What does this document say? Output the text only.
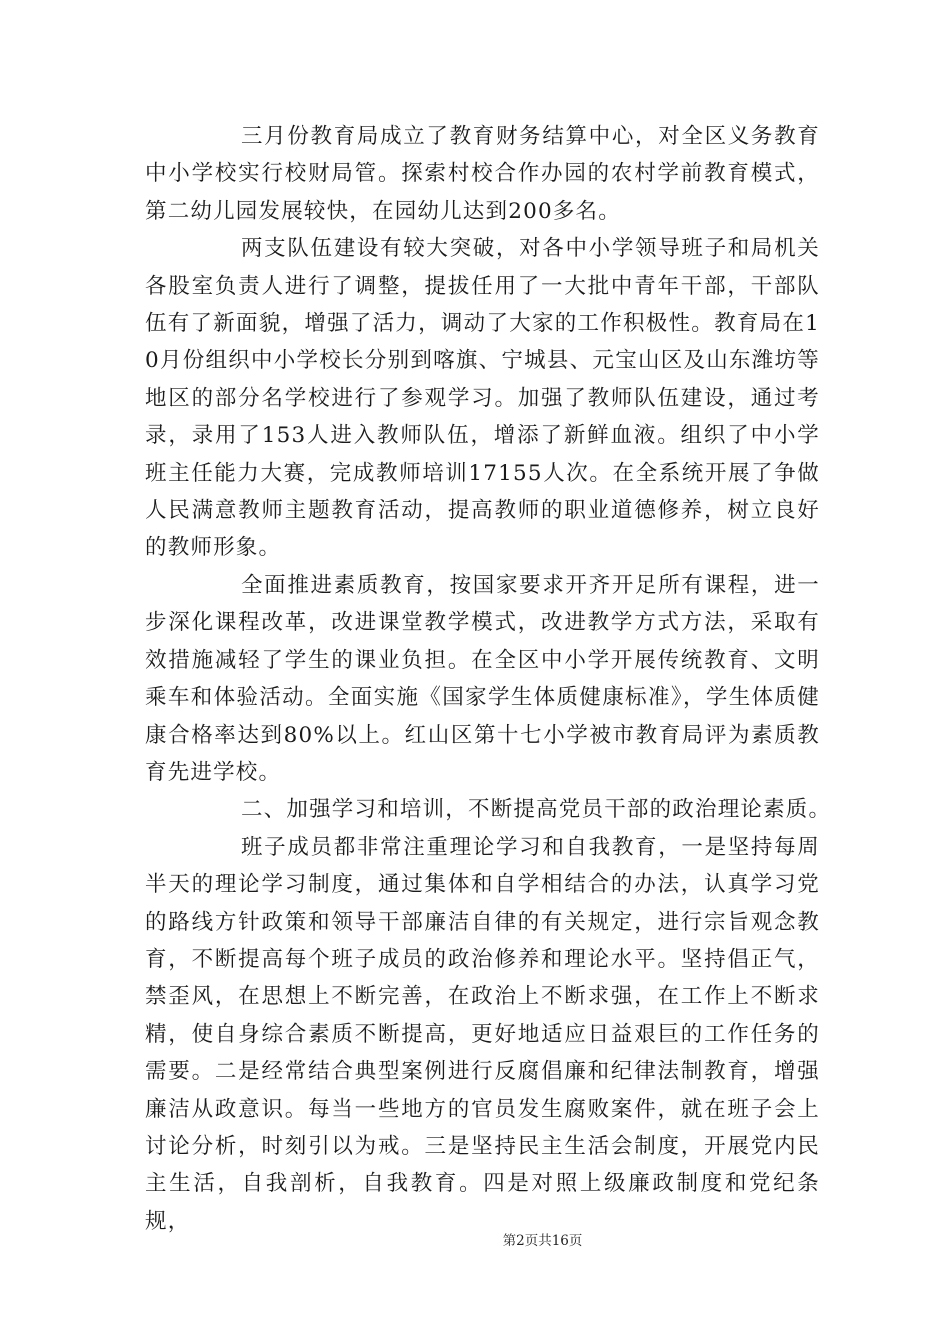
三月份教育局成立了教育财务结算中心，对全区义务教育中小学校实行校财局管。探索村校合作办园的农村学前教育模式，第二幼儿园发展较快，在园幼儿达到200多名。

两支队伍建设有较大突破，对各中小学领导班子和局机关各股室负责人进行了调整，提拔任用了一大批中青年干部，干部队伍有了新面貌，增强了活力，调动了大家的工作积极性。教育局在10月份组织中小学校长分别到喀旗、宁城县、元宝山区及山东潍坊等地区的部分名学校进行了参观学习。加强了教师队伍建设，通过考录，录用了153人进入教师队伍，增添了新鲜血液。组织了中小学班主任能力大赛，完成教师培训17155人次。在全系统开展了争做人民满意教师主题教育活动，提高教师的职业道德修养，树立良好的教师形象。

全面推进素质教育，按国家要求开齐开足所有课程，进一步深化课程改革，改进课堂教学模式，改进教学方式方法，采取有效措施减轻了学生的课业负担。在全区中小学开展传统教育、文明乘车和体验活动。全面实施《国家学生体质健康标准》，学生体质健康合格率达到80%以上。红山区第十七小学被市教育局评为素质教育先进学校。

二、加强学习和培训，不断提高党员干部的政治理论素质。

班子成员都非常注重理论学习和自我教育，一是坚持每周半天的理论学习制度，通过集体和自学相结合的办法，认真学习党的路线方针政策和领导干部廉洁自律的有关规定，进行宗旨观念教育，不断提高每个班子成员的政治修养和理论水平。坚持倡正气，禁歪风，在思想上不断完善，在政治上不断求强，在工作上不断求精，使自身综合素质不断提高，更好地适应日益艰巨的工作任务的需要。二是经常结合典型案例进行反腐倡廉和纪律法制教育，增强廉洁从政意识。每当一些地方的官员发生腐败案件，就在班子会上讨论分析，时刻引以为戒。三是坚持民主生活会制度，开展党内民主生活，自我剖析，自我教育。四是对照上级廉政制度和党纪条规，

第2页共16页
